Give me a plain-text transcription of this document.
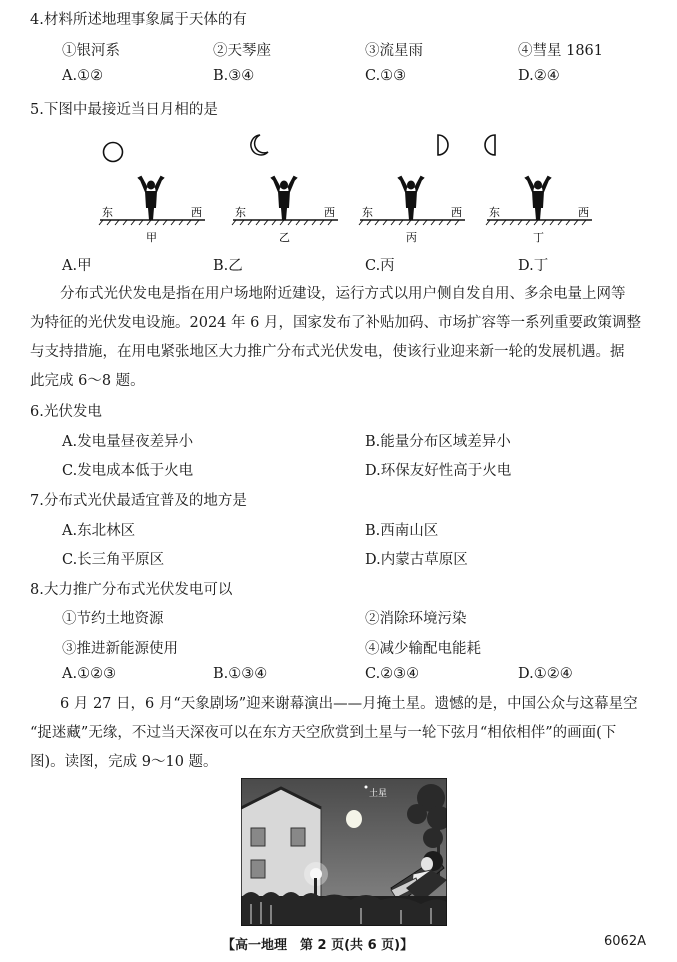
4.材料所述地理事象属于天体的有
①银河系	②天琴座	③流星雨	④彗星 1861
A.①②	B.③④	C.①③	D.②④
5.下图中最接近当日月相的是
东	西
甲
东	西
乙
东	西
丙
东	西
丁
A.甲	B.乙	C.丙	D.丁

分布式光伏发电是指在用户场地附近建设，运行方式以用户侧自发自用、多余电量上网等

为特征的光伏发电设施。2024 年 6 月，国家发布了补贴加码、市场扩容等一系列重要政策调整

与支持措施，在用电紧张地区大力推广分布式光伏发电，使该行业迎来新一轮的发展机遇。据

此完成 6～8 题。

6.光伏发电
A.发电量昼夜差异小	B.能量分布区域差异小
C.发电成本低于火电	D.环保友好性高于火电
7.分布式光伏最适宜普及的地方是
A.东北林区	B.西南山区
C.长三角平原区	D.内蒙古草原区
8.大力推广分布式光伏发电可以
①节约土地资源	②消除环境污染
③推进新能源使用	④减少输配电能耗
A.①②③	B.①③④	C.②③④	D.①②④

6 月 27 日，6 月“天象剧场”迎来谢幕演出——月掩土星。遗憾的是，中国公众与这幕星空

“捉迷藏”无缘，不过当天深夜可以在东方天空欣赏到土星与一轮下弦月“相依相伴”的画面(下

图)。读图，完成 9～10 题。

土星
【高一地理　第 2 页(共 6 页)】	6062A
